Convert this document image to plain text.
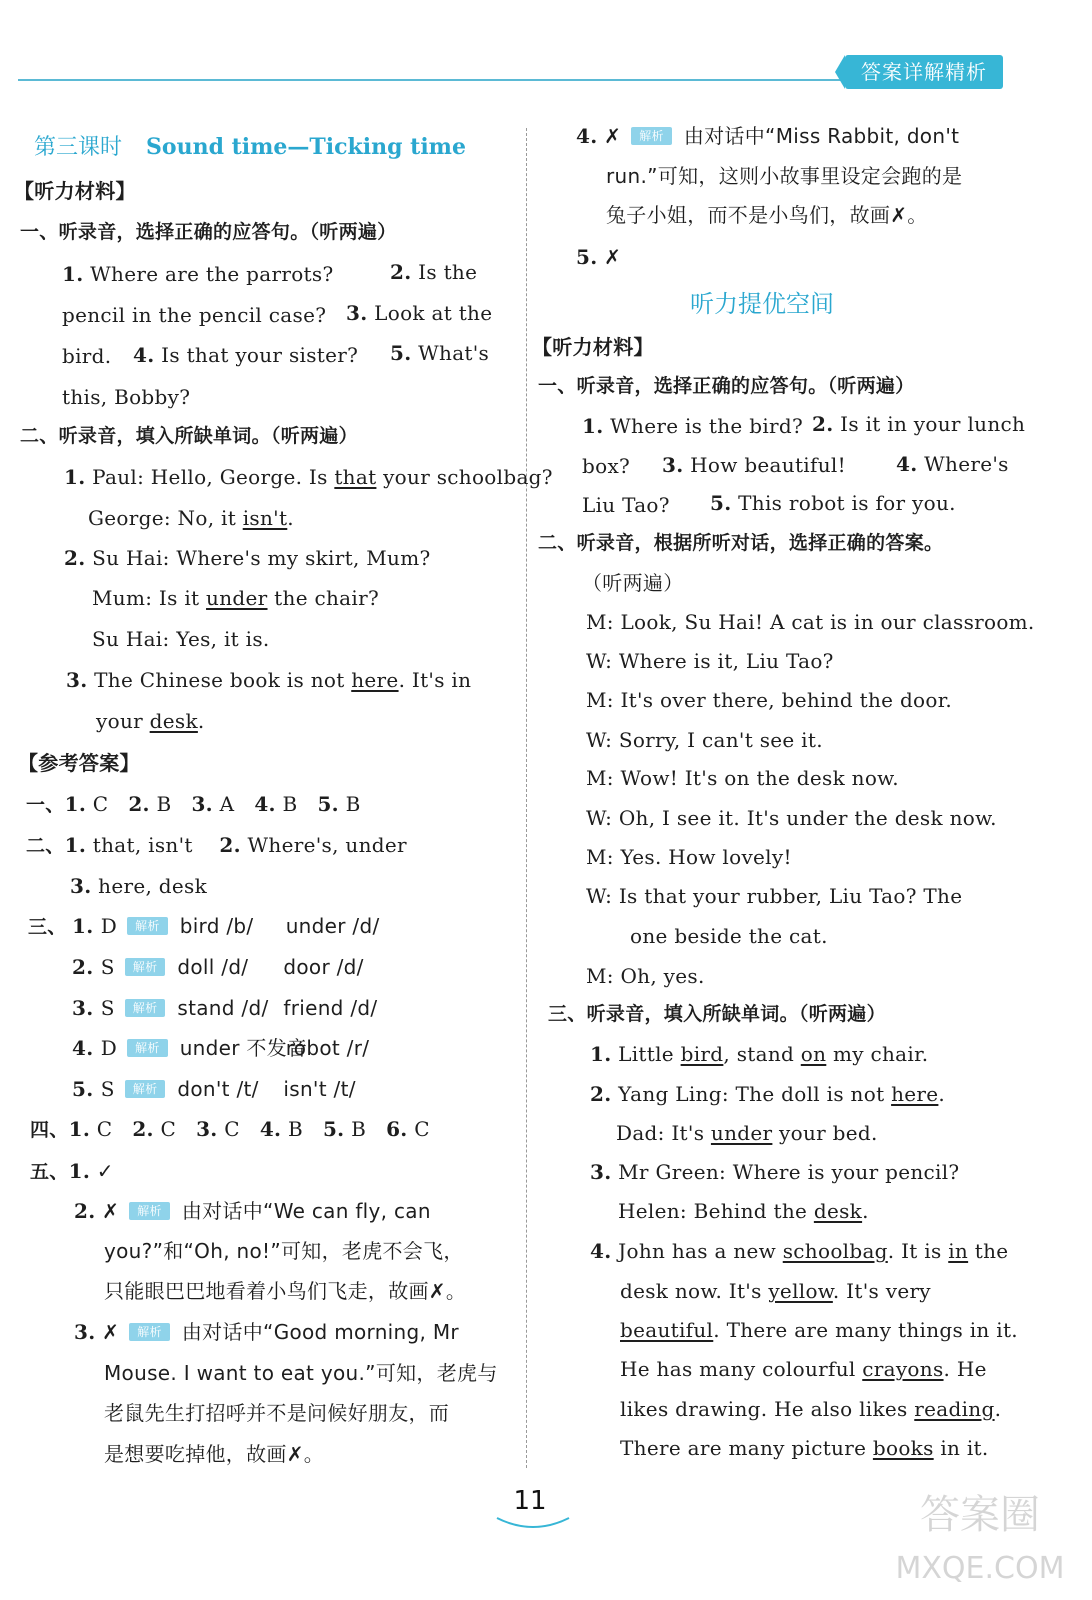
答案详解精析
第三课时 Sound time—Ticking time
【听力材料】
一、听录音，选择正确的应答句。（听两遍）
1. Where are the parrots?	2. Is the
pencil in the pencil case? 3. Look at the
bird. 4. Is that your sister? 5. What's
this, Bobby?
二、听录音，填入所缺单词。（听两遍）
1. Paul: Hello, George. Is that your schoolbag?
George: No, it isn't.
2. Su Hai: Where's my skirt, Mum?
Mum: Is it under the chair?
Su Hai: Yes, it is.
3. The Chinese book is not here. It's in
your desk.
【参考答案】
一、1. C 2. B 3. A 4. B 5. B
二、1. that, isn't 2. Where's, under
3. here, desk
三、 1. D 解析 bird /b/ under /d/
2. S 解析 doll /d/ door /d/
3. S 解析 stand /d/ friend /d/
4. D 解析 under 不发音robot /r/
5. S 解析 don't /t/ isn't /t/
四、1. C 2. C 3. C 4. B 5. B 6. C
五、1. ✓
2. ✗ 解析 由对话中“We can fly, can
you?”和“Oh, no!”可知，老虎不会飞，
只能眼巴巴地看着小鸟们飞走，故画✗。
3. ✗ 解析 由对话中“Good morning, Mr
Mouse. I want to eat you.”可知，老虎与
老鼠先生打招呼并不是问候好朋友，而
是想要吃掉他，故画✗。
4. ✗ 解析 由对话中“Miss Rabbit, don't
run.”可知，这则小故事里设定会跑的是
兔子小姐，而不是小鸟们，故画✗。
5. ✗
听力提优空间
【听力材料】
一、听录音，选择正确的应答句。（听两遍）
1. Where is the bird? 2. Is it in your lunch
box? 3. How beautiful!	4. Where's
Liu Tao? 5. This robot is for you.
二、听录音，根据所听对话，选择正确的答案。
（听两遍）
M: Look, Su Hai! A cat is in our classroom.
W: Where is it, Liu Tao?
M: It's over there, behind the door.
W: Sorry, I can't see it.
M: Wow! It's on the desk now.
W: Oh, I see it. It's under the desk now.
M: Yes. How lovely!
W: Is that your rubber, Liu Tao? The
one beside the cat.
M: Oh, yes.
三、听录音，填入所缺单词。（听两遍）
1. Little bird, stand on my chair.
2. Yang Ling: The doll is not here.
Dad: It's under your bed.
3. Mr Green: Where is your pencil?
Helen: Behind the desk.
4. John has a new schoolbag. It is in the
desk now. It's yellow. It's very
beautiful. There are many things in it.
He has many colourful crayons. He
likes drawing. He also likes reading.
There are many picture books in it.
11	答案圈 MXQE.COM
